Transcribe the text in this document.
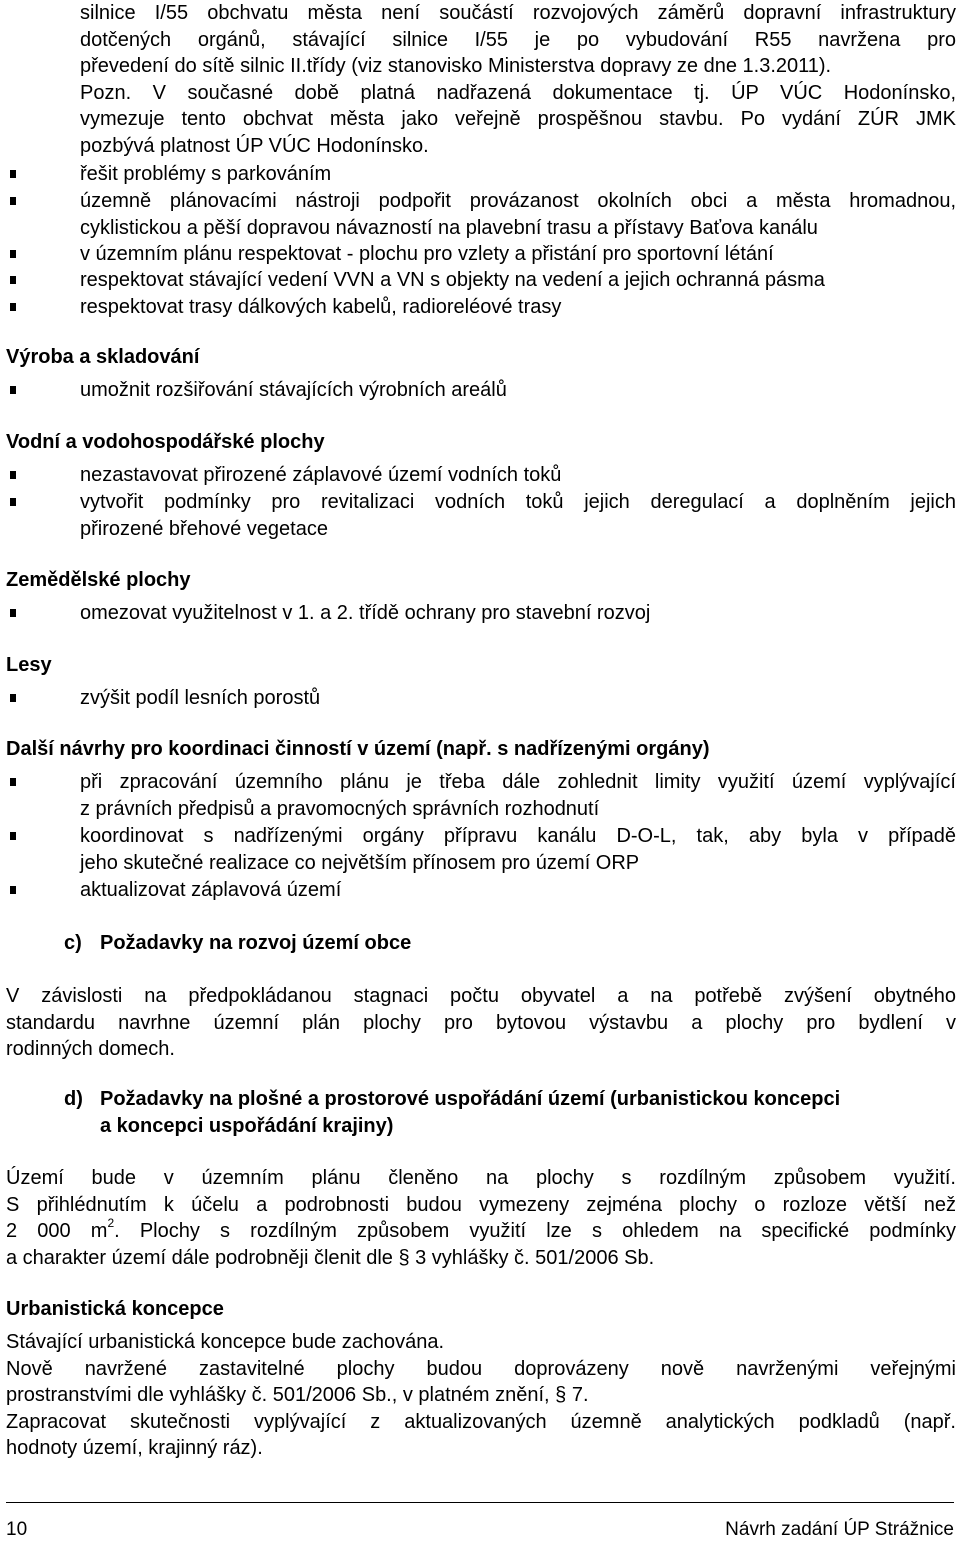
silnice I/55 obchvatu města není součástí rozvojových záměrů dopravní infrastruktury
dotčených orgánů, stávající silnice I/55 je po vybudování R55 navržena pro
převedení do sítě silnic II.třídy (viz stanovisko Ministerstva dopravy ze dne 1.3.2011).
Pozn. V současné době platná nadřazená dokumentace tj. ÚP VÚC Hodonínsko,
vymezuje tento obchvat města jako veřejně prospěšnou stavbu. Po vydání ZÚR JMK
pozbývá platnost ÚP VÚC Hodonínsko.
řešit problémy s parkováním
územně plánovacími nástroji podpořit provázanost okolních obci a města hromadnou,
cyklistickou a pěší dopravou návazností na plavební trasu a přístavy Baťova kanálu
v územním plánu respektovat - plochu pro vzlety a přistání pro sportovní létání
respektovat stávající vedení VVN a VN s objekty na vedení a jejich ochranná pásma
respektovat trasy dálkových kabelů, radioreléové trasy
Výroba a skladování
umožnit rozšiřování stávajících výrobních areálů
Vodní a vodohospodářské plochy
nezastavovat přirozené záplavové území vodních toků
vytvořit podmínky pro revitalizaci vodních toků jejich deregulací a doplněním jejich
přirozené břehové vegetace
Zemědělské plochy
omezovat využitelnost v 1. a 2. třídě ochrany pro stavební rozvoj
Lesy
zvýšit podíl lesních porostů
Další návrhy pro koordinaci činností v území (např. s nadřízenými orgány)
při zpracování územního plánu je třeba dále zohlednit limity využití území vyplývající
z právních předpisů a pravomocných správních rozhodnutí
koordinovat s nadřízenými orgány přípravu kanálu D-O-L, tak, aby byla v případě
jeho skutečné realizace co největším přínosem pro území ORP
aktualizovat záplavová území
c) Požadavky na rozvoj území obce
V závislosti na předpokládanou stagnaci počtu obyvatel a na potřebě zvýšení obytného
standardu navrhne územní plán plochy pro bytovou výstavbu a plochy pro bydlení v
rodinných domech.
d) Požadavky na plošné a prostorové uspořádání území (urbanistickou koncepci
a koncepci uspořádání krajiny)
Území bude v územním plánu členěno na plochy s rozdílným způsobem využití.
S přihlédnutím k účelu a podrobnosti budou vymezeny zejména plochy o rozloze větší než
2 000 $m^2$. Plochy s rozdílným způsobem využití lze s ohledem na specifické podmínky
a charakter území dále podrobněji členit dle § 3 vyhlášky č. 501/2006 Sb.
Urbanistická koncepce
Stávající urbanistická koncepce bude zachována.
Nově navržené zastavitelné plochy budou doprovázeny nově navrženými veřejnými
prostranstvími dle vyhlášky č. 501/2006 Sb., v platném znění, § 7.
Zapracovat skutečnosti vyplývající z aktualizovaných územně analytických podkladů (např.
hodnoty území, krajinný ráz).
10	Návrh zadání ÚP Strážnice
